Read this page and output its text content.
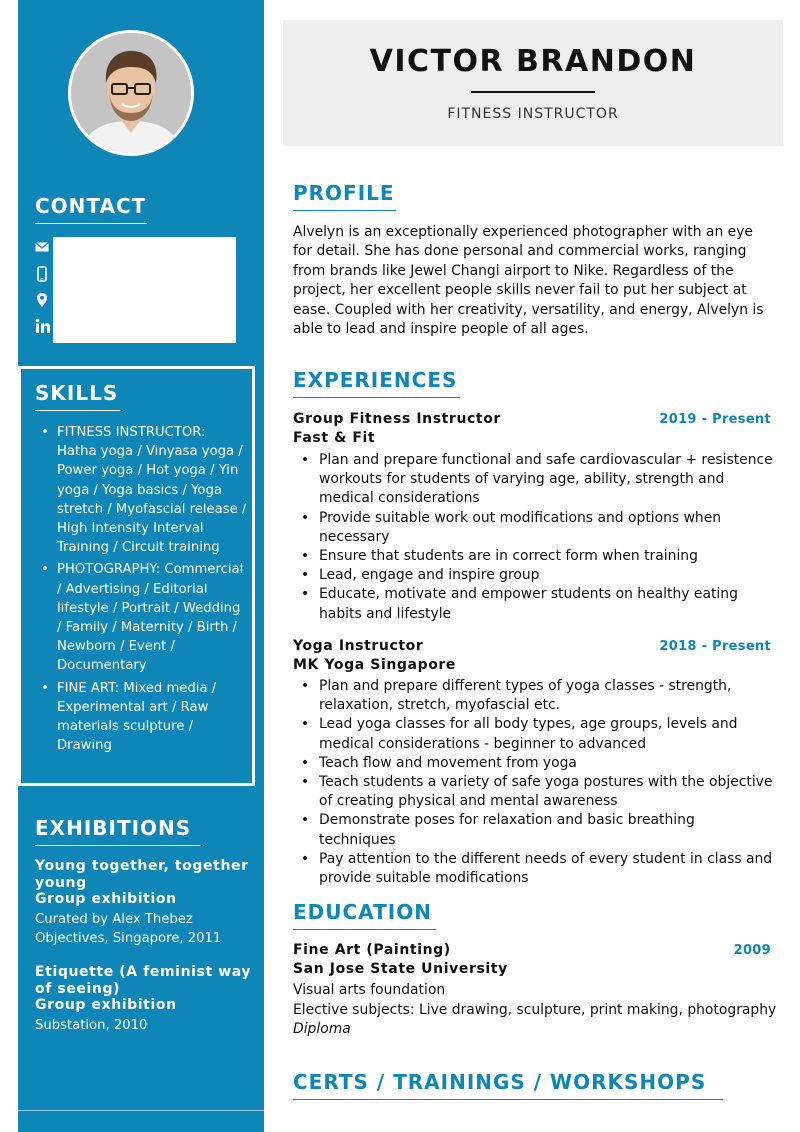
CONTACT
SKILLS
• FITNESS INSTRUCTOR: Hatha yoga / Vinyasa yoga / Power yoga / Hot yoga / Yin yoga / Yoga basics / Yoga stretch / Myofascial release / High Intensity Interval Training / Circuit training
• PHOTOGRAPHY: Commercial / Advertising / Editorial lifestyle / Portrait / Wedding / Family / Maternity / Birth / Newborn / Event / Documentary
• FINE ART: Mixed media / Experimental art / Raw materials sculpture / Drawing
EXHIBITIONS
Young together, together young
Group exhibition
Curated by Alex Thebez Objectives, Singapore, 2011
Etiquette (A feminist way of seeing)
Group exhibition
Substation, 2010
VICTOR BRANDON
FITNESS INSTRUCTOR
PROFILE
Alvelyn is an exceptionally experienced photographer with an eye for detail. She has done personal and commercial works, ranging from brands like Jewel Changi airport to Nike. Regardless of the project, her excellent people skills never fail to put her subject at ease. Coupled with her creativity, versatility, and energy, Alvelyn is able to lead and inspire people of all ages.
EXPERIENCES
Group Fitness Instructor	2019 - Present
Fast & Fit
• Plan and prepare functional and safe cardiovascular + resistence workouts for students of varying age, ability, strength and medical considerations
• Provide suitable work out modifications and options when necessary
• Ensure that students are in correct form when training
• Lead, engage and inspire group
• Educate, motivate and empower students on healthy eating habits and lifestyle
Yoga Instructor	2018 - Present
MK Yoga Singapore
• Plan and prepare different types of yoga classes - strength, relaxation, stretch, myofascial etc.
• Lead yoga classes for all body types, age groups, levels and medical considerations - beginner to advanced
• Teach flow and movement from yoga
• Teach students a variety of safe yoga postures with the objective of creating physical and mental awareness
• Demonstrate poses for relaxation and basic breathing techniques
• Pay attention to the different needs of every student in class and provide suitable modifications
EDUCATION
Fine Art (Painting)	2009
San Jose State University
Visual arts foundation
Elective subjects: Live drawing, sculpture, print making, photography
Diploma
CERTS / TRAININGS / WORKSHOPS
